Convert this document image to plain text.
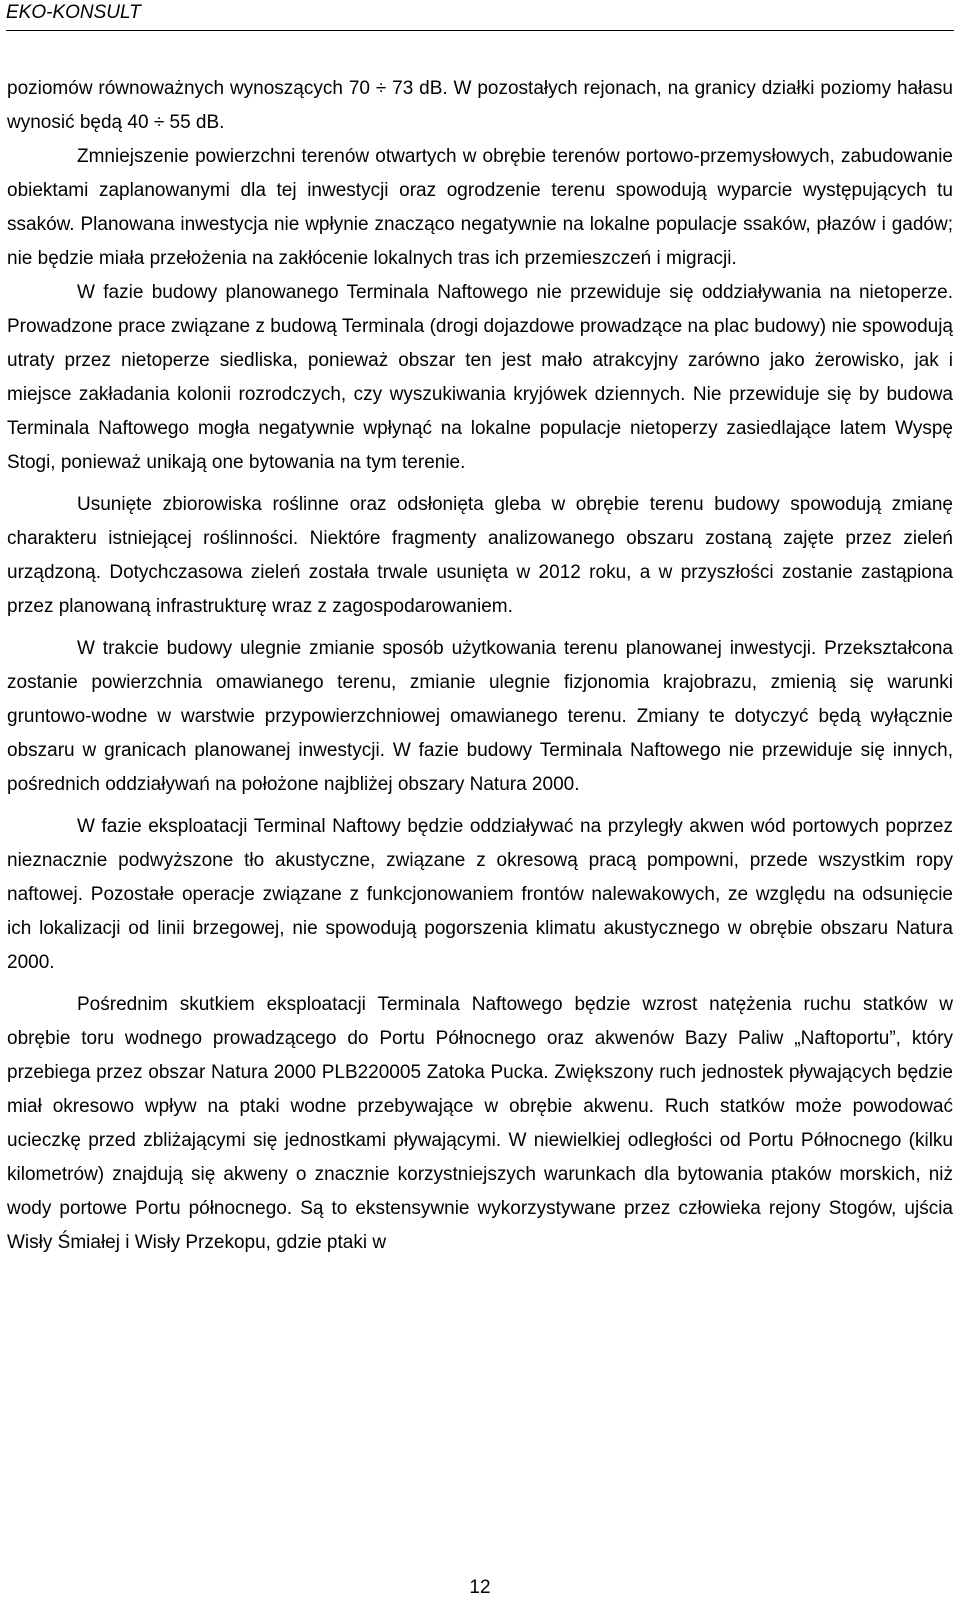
EKO-KONSULT

poziomów równoważnych wynoszących 70 ÷ 73 dB. W pozostałych rejonach, na granicy działki poziomy hałasu wynosić będą 40 ÷ 55 dB.

Zmniejszenie powierzchni terenów otwartych w obrębie terenów portowo-przemysłowych, zabudowanie obiektami zaplanowanymi dla tej inwestycji oraz ogrodzenie terenu spowodują wyparcie występujących tu ssaków. Planowana inwestycja nie wpłynie znacząco negatywnie na lokalne populacje ssaków, płazów i gadów; nie będzie miała przełożenia na zakłócenie lokalnych tras ich przemieszczeń i migracji.

W fazie budowy planowanego Terminala Naftowego nie przewiduje się oddziaływania na nietoperze. Prowadzone prace związane z budową Terminala (drogi dojazdowe prowadzące na plac budowy) nie spowodują utraty przez nietoperze siedliska, ponieważ obszar ten jest mało atrakcyjny zarówno jako żerowisko, jak i miejsce zakładania kolonii rozrodczych, czy wyszukiwania kryjówek dziennych. Nie przewiduje się by budowa Terminala Naftowego mogła negatywnie wpłynąć na lokalne populacje nietoperzy zasiedlające latem Wyspę Stogi, ponieważ unikają one bytowania na tym terenie.

Usunięte zbiorowiska roślinne oraz odsłonięta gleba w obrębie terenu budowy spowodują zmianę charakteru istniejącej roślinności. Niektóre fragmenty analizowanego obszaru zostaną zajęte przez zieleń urządzoną. Dotychczasowa zieleń została trwale usunięta w 2012 roku, a w przyszłości zostanie zastąpiona przez planowaną infrastrukturę wraz z zagospodarowaniem.

W trakcie budowy ulegnie zmianie sposób użytkowania terenu planowanej inwestycji. Przekształcona zostanie powierzchnia omawianego terenu, zmianie ulegnie fizjonomia krajobrazu, zmienią się warunki gruntowo-wodne w warstwie przypowierzchniowej omawianego terenu. Zmiany te dotyczyć będą wyłącznie obszaru w granicach planowanej inwestycji. W fazie budowy Terminala Naftowego nie przewiduje się innych, pośrednich oddziaływań na położone najbliżej obszary Natura 2000.

W fazie eksploatacji Terminal Naftowy będzie oddziaływać na przyległy akwen wód portowych poprzez nieznacznie podwyższone tło akustyczne, związane z okresową pracą pompowni, przede wszystkim ropy naftowej. Pozostałe operacje związane z funkcjonowaniem frontów nalewakowych, ze względu na odsunięcie ich lokalizacji od linii brzegowej, nie spowodują pogorszenia klimatu akustycznego w obrębie obszaru Natura 2000.

Pośrednim skutkiem eksploatacji Terminala Naftowego będzie wzrost natężenia ruchu statków w obrębie toru wodnego prowadzącego do Portu Północnego oraz akwenów Bazy Paliw „Naftoportu”, który przebiega przez obszar Natura 2000 PLB220005 Zatoka Pucka. Zwiększony ruch jednostek pływających będzie miał okresowo wpływ na ptaki wodne przebywające w obrębie akwenu. Ruch statków może powodować ucieczkę przed zbliżającymi się jednostkami pływającymi. W niewielkiej odległości od Portu Północnego (kilku kilometrów) znajdują się akweny o znacznie korzystniejszych warunkach dla bytowania ptaków morskich, niż wody portowe Portu północnego. Są to ekstensywnie wykorzystywane przez człowieka rejony Stogów, ujścia Wisły Śmiałej i Wisły Przekopu, gdzie ptaki w

12
